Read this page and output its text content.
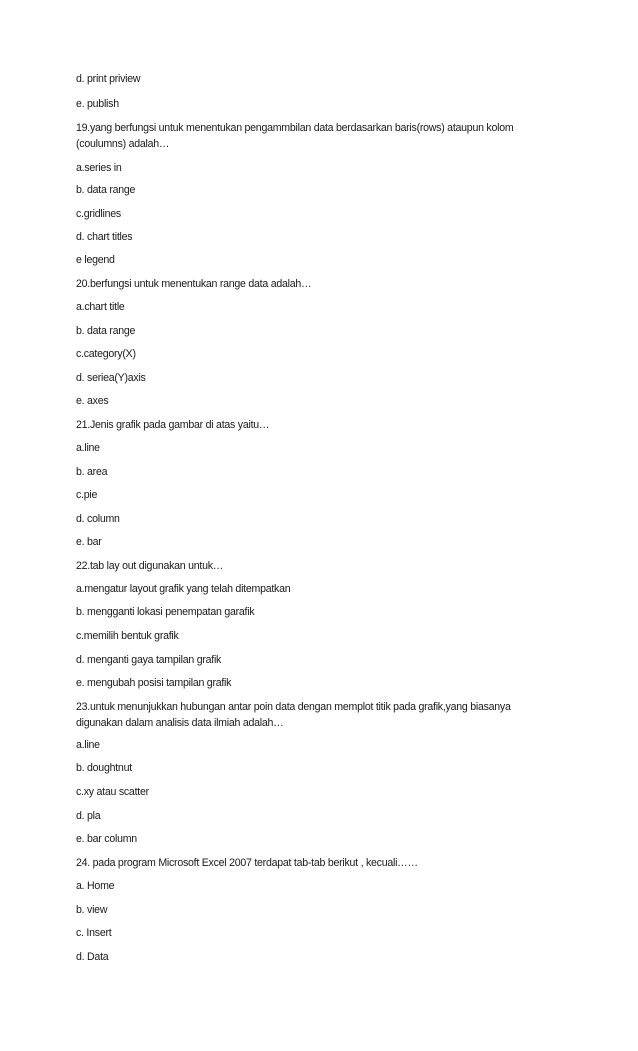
d. print priview
e. publish
19.yang berfungsi untuk menentukan pengammbilan data berdasarkan baris(rows) ataupun kolom (coulumns) adalah…
a.series in
b. data range
c.gridlines
d. chart titles
e legend
20.berfungsi untuk menentukan range data adalah…
a.chart title
b. data range
c.category(X)
d. seriea(Y)axis
e. axes
21.Jenis grafik pada gambar di atas yaitu…
a.line
b. area
c.pie
d. column
e. bar
22.tab lay out digunakan untuk…
a.mengatur layout grafik yang telah ditempatkan
b. mengganti lokasi penempatan garafik
c.memilih bentuk grafik
d. menganti gaya tampilan grafik
e. mengubah posisi tampilan grafik
23.untuk menunjukkan hubungan antar poin data dengan memplot titik pada grafik,yang biasanya digunakan dalam analisis data ilmiah adalah…
a.line
b. doughtnut
c.xy atau scatter
d. pla
e. bar column
24. pada program Microsoft Excel 2007 terdapat tab-tab berikut , kecuali……
a. Home
b. view
c. Insert
d. Data
